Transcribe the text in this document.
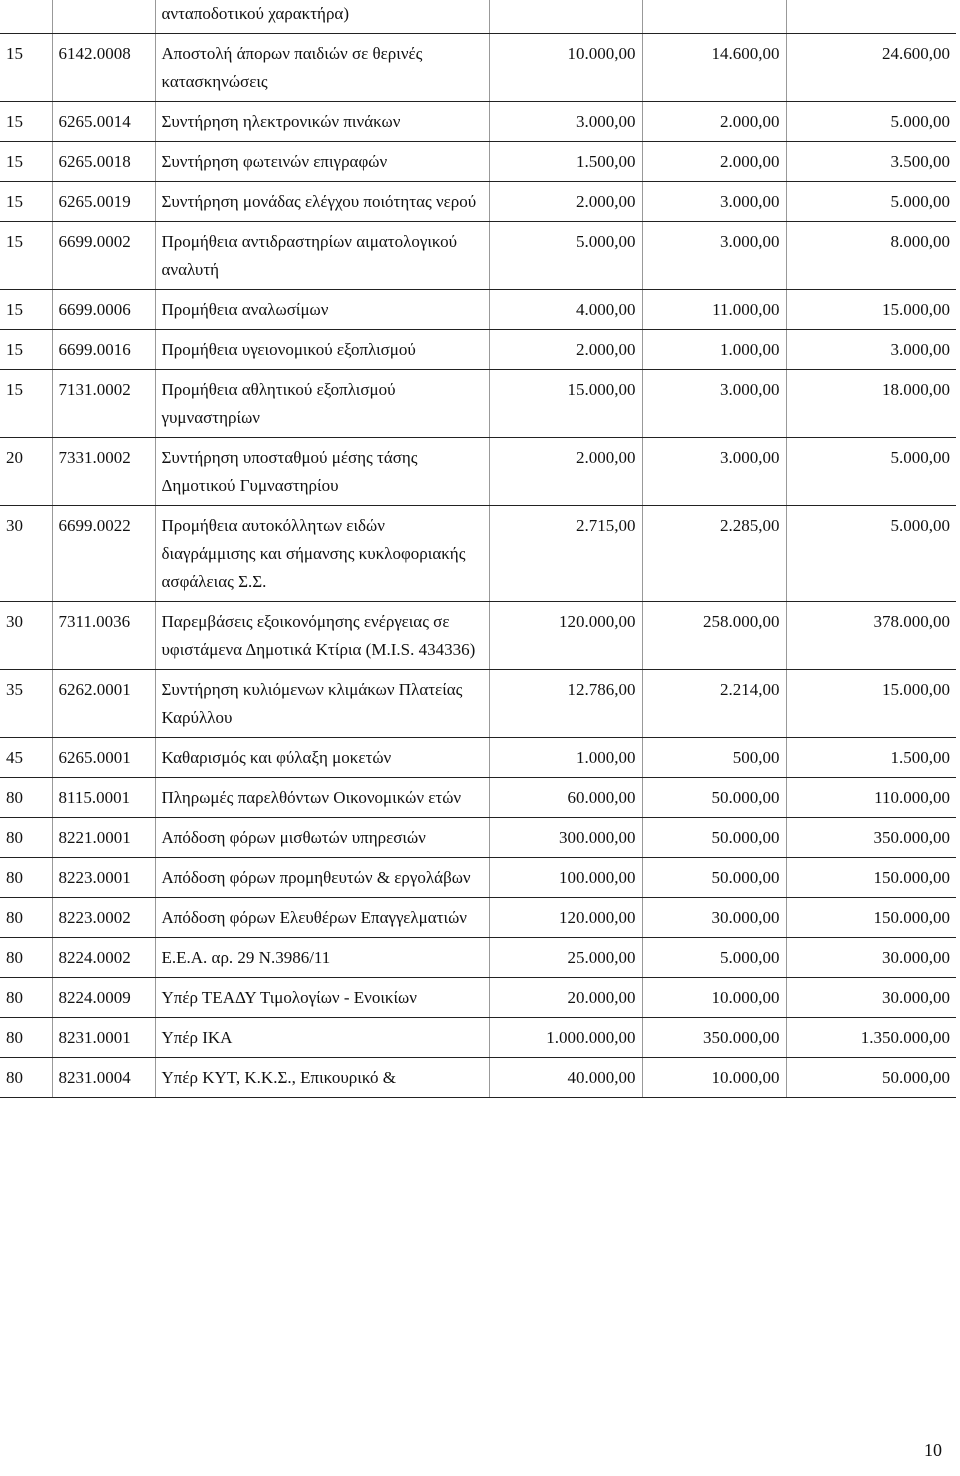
		ανταποδοτικού χαρακτήρα)			
15	6142.0008	Αποστολή άπορων παιδιών σε θερινές κατασκηνώσεις	10.000,00	14.600,00	24.600,00
15	6265.0014	Συντήρηση ηλεκτρονικών πινάκων	3.000,00	2.000,00	5.000,00
15	6265.0018	Συντήρηση φωτεινών επιγραφών	1.500,00	2.000,00	3.500,00
15	6265.0019	Συντήρηση μονάδας ελέγχου ποιότητας νερού	2.000,00	3.000,00	5.000,00
15	6699.0002	Προμήθεια αντιδραστηρίων αιματολογικού αναλυτή	5.000,00	3.000,00	8.000,00
15	6699.0006	Προμήθεια αναλωσίμων	4.000,00	11.000,00	15.000,00
15	6699.0016	Προμήθεια υγειονομικού εξοπλισμού	2.000,00	1.000,00	3.000,00
15	7131.0002	Προμήθεια αθλητικού εξοπλισμού γυμναστηρίων	15.000,00	3.000,00	18.000,00
20	7331.0002	Συντήρηση υποσταθμού μέσης τάσης Δημοτικού Γυμναστηρίου	2.000,00	3.000,00	5.000,00
30	6699.0022	Προμήθεια αυτοκόλλητων ειδών διαγράμμισης και σήμανσης κυκλοφοριακής ασφάλειας Σ.Σ.	2.715,00	2.285,00	5.000,00
30	7311.0036	Παρεμβάσεις εξοικονόμησης ενέργειας σε υφιστάμενα Δημοτικά Κτίρια (Μ.Ι.S. 434336)	120.000,00	258.000,00	378.000,00
35	6262.0001	Συντήρηση κυλιόμενων κλιμάκων Πλατείας Καρύλλου	12.786,00	2.214,00	15.000,00
45	6265.0001	Καθαρισμός και φύλαξη μοκετών	1.000,00	500,00	1.500,00
80	8115.0001	Πληρωμές παρελθόντων Οικονομικών ετών	60.000,00	50.000,00	110.000,00
80	8221.0001	Απόδοση φόρων μισθωτών υπηρεσιών	300.000,00	50.000,00	350.000,00
80	8223.0001	Απόδοση φόρων προμηθευτών & εργολάβων	100.000,00	50.000,00	150.000,00
80	8223.0002	Απόδοση φόρων Ελευθέρων Επαγγελματιών	120.000,00	30.000,00	150.000,00
80	8224.0002	Ε.Ε.Α. αρ. 29 Ν.3986/11	25.000,00	5.000,00	30.000,00
80	8224.0009	Υπέρ ΤΕΑΔΥ Τιμολογίων - Ενοικίων	20.000,00	10.000,00	30.000,00
80	8231.0001	Υπέρ ΙΚΑ	1.000.000,00	350.000,00	1.350.000,00
80	8231.0004	Υπέρ ΚΥΤ, Κ.Κ.Σ., Επικουρικό &	40.000,00	10.000,00	50.000,00
10
